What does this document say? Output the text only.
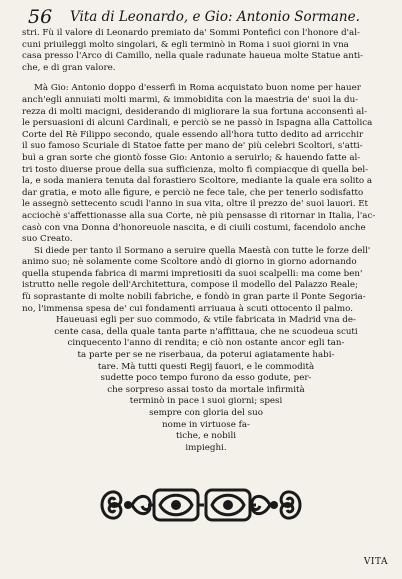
56 Vita di Leonardo, e Gio: Antonio Sormane.
stri. Fù il valore di Leonardo premiato da' Sommi Pontefici con l'honore d'al-
cuni priuileggi molto singolari, & egli terminò in Roma i suoi giorni in vna
casa presso l'Arco di Camillo, nella quale radunate haueua molte Statue anti-
che, e di gran valore.
Mà Gio: Antonio doppo d'esserfi in Roma acquistato buon nome per hauer
anch'egli annuiati molti marmi, & immobidita con la maestria de' suoi la du-
rezza di molti macigni, desiderando di migliorare la sua fortuna acconsentì al-
le persuasioni di alcuni Cardinali, e perciò se ne passò in Ispagna alla Cattolica
Corte del Rè Filippo secondo, quale essendo all'hora tutto dedito ad arricchir
il suo famoso Scuriale di Statoe fatte per mano de' più celebri Scoltori, s'atti-
buì a gran sorte che giontò fosse Gio: Antonio a seruirlo; & hauendo fatte al-
tri tosto diuerse proue della sua sufficienza, molto fi compiacque di quella bel-
la, e soda maniera tenuta dal forastiero Scoltore, mediante la quale era solito a
dar gratia, e moto alle figure, e perciò ne fece tale, che per tenerlo sodisfatto
le assegnò settecento scudi l'anno in sua vita, oltre il prezzo de' suoi lauori. Et
acciochè s'affettionasse alla sua Corte, nè più pensasse di ritornar in Italia, l'ac-
casò con vna Donna d'honoreuole nascita, e di ciuili costumi, facendolo anche
suo Creato.
Si diede per tanto il Sormano a seruire quella Maestà con tutte le forze dell'
animo suo; nè solamente come Scoltore andò di giorno in giorno adornando
quella stupenda fabrica di marmi impretiositi da suoi scalpelli: ma come ben'
istrutto nelle regole dell'Architettura, compose il modello del Palazzo Reale;
fù soprastante di molte nobili fabriche, e fondò in gran parte il Ponte Segoria-
no, l'immensa spesa de' cui fondamenti arriuaua à scuti ottocento il palmo.
Haueuasi egli per suo commodo, & vtile fabricata in Madrid vna de-
cente casa, della quale tanta parte n'affittaua, che ne scuodeua scuti
cinquecento l'anno di rendita; e ciò non ostante ancor egli tan-
ta parte per se ne riserbaua, da poterui agiatamente habi-
tare. Mà tutti questi Regij fauori, e le commodità
sudette poco tempo furono da esso godute, per-
che sorpreso assai tosto da mortale infirmità
terminò in pace i suoi giorni; spesi
sempre con gloria del suo
nome in virtuose fa-
tiche, e nobili
impieghi.
VITA
